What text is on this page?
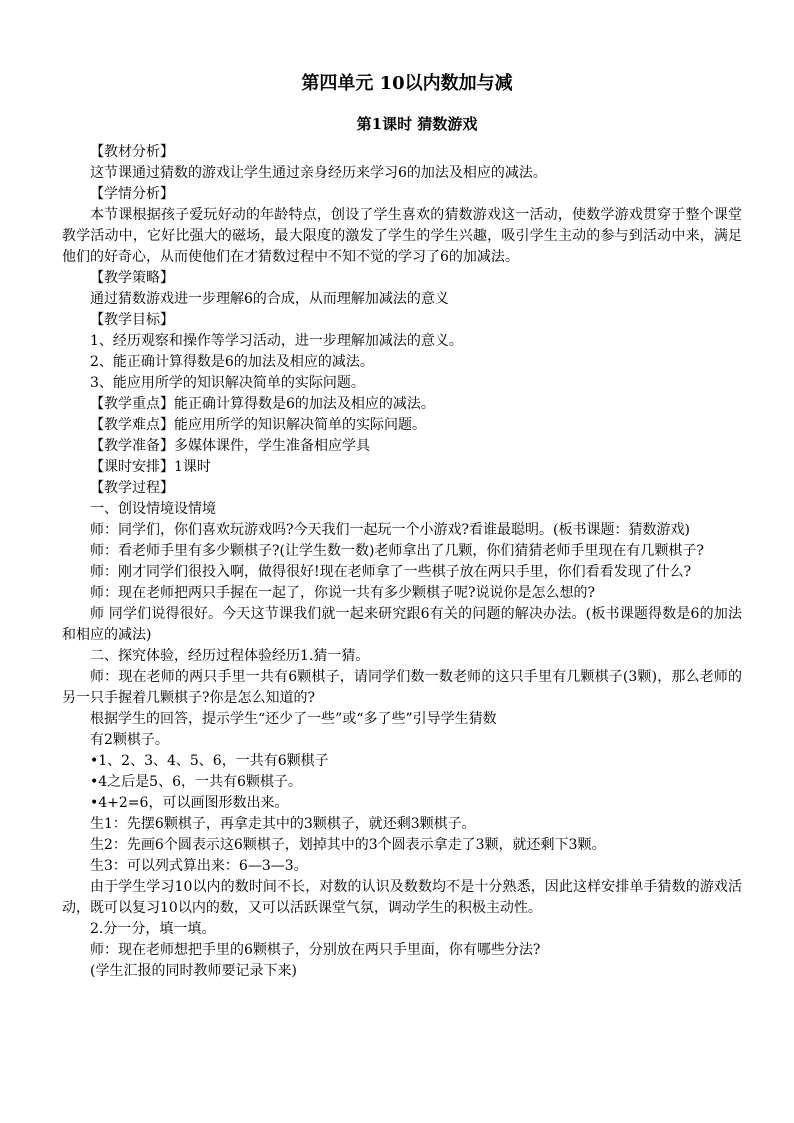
第四单元 10以内数加与减
第1课时 猜数游戏

【教材分析】

这节课通过猜数的游戏让学生通过亲身经历来学习6的加法及相应的减法。

【学情分析】

本节课根据孩子爱玩好动的年龄特点，创设了学生喜欢的猜数游戏这一活动，使数学游戏贯穿于整个课堂教学活动中，它好比强大的磁场，最大限度的激发了学生的学生兴趣，吸引学生主动的参与到活动中来，满足他们的好奇心，从而使他们在才猜数过程中不知不觉的学习了6的加减法。

【教学策略】

通过猜数游戏进一步理解6的合成，从而理解加减法的意义

【教学目标】

1、经历观察和操作等学习活动，进一步理解加减法的意义。

2、能正确计算得数是6的加法及相应的减法。

3、能应用所学的知识解决简单的实际问题。

【教学重点】能正确计算得数是6的加法及相应的减法。

【教学难点】能应用所学的知识解决简单的实际问题。

【教学准备】多媒体课件，学生准备相应学具

【课时安排】1课时

【教学过程】

一、创设情境设情境

师：同学们，你们喜欢玩游戏吗?今天我们一起玩一个小游戏?看谁最聪明。(板书课题：猜数游戏)

师：看老师手里有多少颗棋子?(让学生数一数)老师拿出了几颗，你们猜猜老师手里现在有几颗棋子?

师：刚才同学们很投入啊，做得很好!现在老师拿了一些棋子放在两只手里，你们看看发现了什么?

师：现在老师把两只手握在一起了，你说一共有多少颗棋子呢?说说你是怎么想的?

师 同学们说得很好。今天这节课我们就一起来研究跟6有关的问题的解决办法。(板书课题得数是6的加法和相应的减法)

二、探究体验，经历过程体验经历1.猜一猜。

师：现在老师的两只手里一共有6颗棋子，请同学们数一数老师的这只手里有几颗棋子(3颗)，那么老师的另一只手握着几颗棋子?你是怎么知道的?

根据学生的回答，提示学生“还少了一些”或“多了些”引导学生猜数

有2颗棋子。

•1、2、3、4、5、6，一共有6颗棋子

•4之后是5、6，一共有6颗棋子。

•4+2=6，可以画图形数出来。

生1：先摆6颗棋子，再拿走其中的3颗棋子，就还剩3颗棋子。

生2：先画6个圆表示这6颗棋子，划掉其中的3个圆表示拿走了3颗，就还剩下3颗。

生3：可以列式算出来：6—3—3。

由于学生学习10以内的数时间不长，对数的认识及数数均不是十分熟悉，因此这样安排单手猜数的游戏活动，既可以复习10以内的数，又可以活跃课堂气氛，调动学生的积极主动性。

2.分一分，填一填。

师：现在老师想把手里的6颗棋子，分别放在两只手里面，你有哪些分法?

(学生汇报的同时教师要记录下来)
